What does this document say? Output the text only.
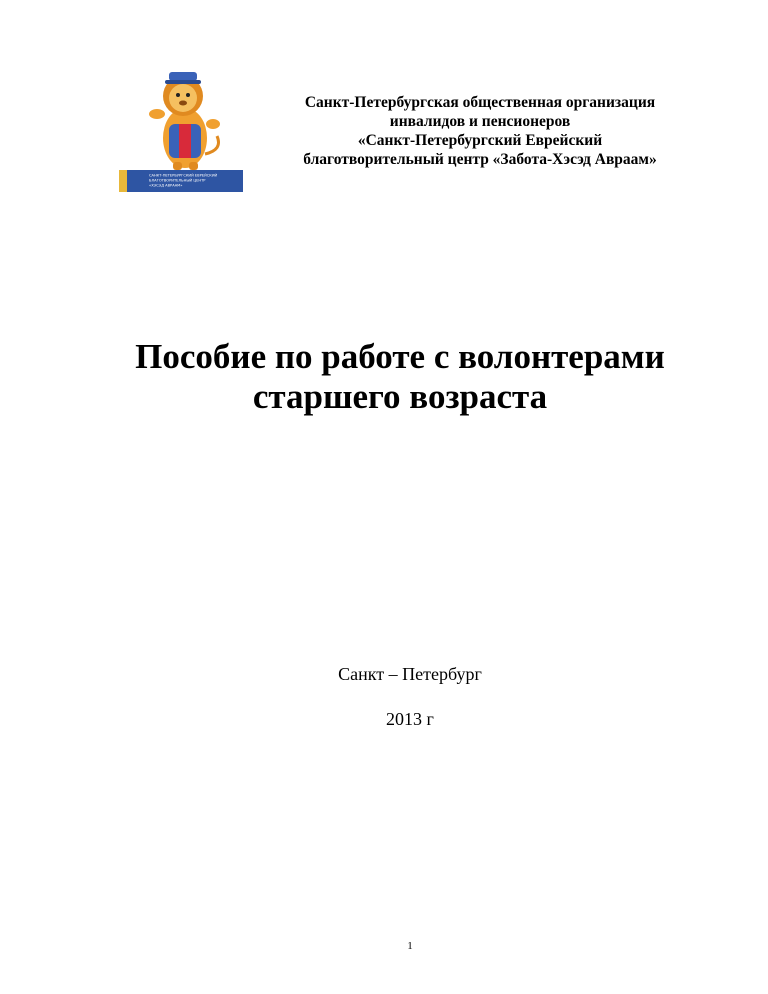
САНКТ-ПЕТЕРБУРГСКИЙ ЕВРЕЙСКИЙ
БЛАГОТВОРИТЕЛЬНЫЙ ЦЕНТР
«ХЭСЭД АВРААМ»
Санкт-Петербургская общественная организация
инвалидов и пенсионеров
«Санкт-Петербургский Еврейский
благотворительный центр «Забота-Хэсэд Авраам»
Пособие по работе с волонтерами
старшего возраста
Санкт – Петербург
2013 г
1
